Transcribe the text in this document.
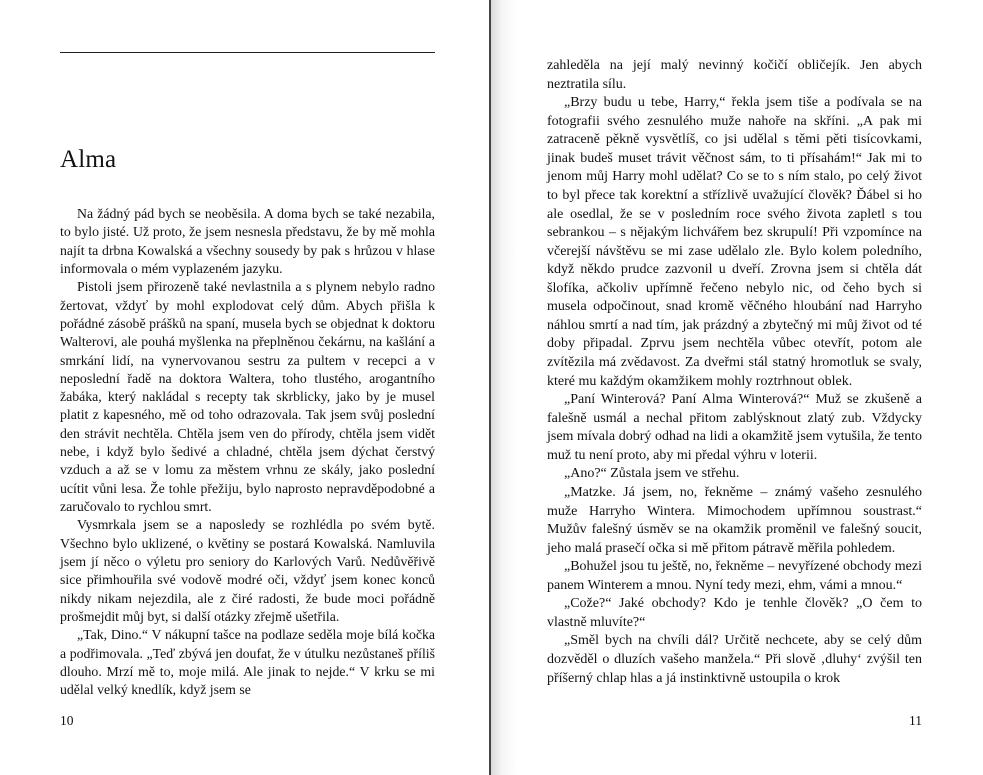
Alma

Na žádný pád bych se neoběsila. A doma bych se také nezabila, to bylo jisté. Už proto, že jsem nesnesla představu, že by mě mohla najít ta drbna Kowalská a všechny sousedy by pak s hrůzou v hlase informovala o mém vyplazeném jazyku.

Pistoli jsem přirozeně také nevlastnila a s plynem nebylo radno žertovat, vždyť by mohl explodovat celý dům. Abych přišla k pořádné zásobě prášků na spaní, musela bych se objednat k doktoru Walterovi, ale pouhá myšlenka na přeplněnou čekárnu, na kašlání a smrkání lidí, na vynervovanou sestru za pultem v recepci a v neposlední řadě na doktora Waltera, toho tlustého, arogantního žabáka, který nakládal s recepty tak skrblicky, jako by je musel platit z kapesného, mě od toho odrazovala. Tak jsem svůj poslední den strávit nechtěla. Chtěla jsem ven do přírody, chtěla jsem vidět nebe, i když bylo šedivé a chladné, chtěla jsem dýchat čerstvý vzduch a až se v lomu za městem vrhnu ze skály, jako poslední ucítit vůni lesa. Že tohle přežiju, bylo naprosto nepravděpodobné a zaručovalo to rychlou smrt.

Vysmrkala jsem se a naposledy se rozhlédla po svém bytě. Všechno bylo uklizené, o květiny se postará Kowalská. Namluvila jsem jí něco o výletu pro seniory do Karlových Varů. Nedůvěřivě sice přimhouřila své vodově modré oči, vždyť jsem konec konců nikdy nikam nejezdila, ale z čiré radosti, že bude moci pořádně prošmejdit můj byt, si další otázky zřejmě ušetřila.

„Tak, Dino.“ V nákupní tašce na podlaze seděla moje bílá kočka a podřimovala. „Teď zbývá jen doufat, že v útulku nezůstaneš příliš dlouho. Mrzí mě to, moje milá. Ale jinak to nejde.“ V krku se mi udělal velký knedlík, když jsem se

10

zahleděla na její malý nevinný kočičí obličejík. Jen abych neztratila sílu.

„Brzy budu u tebe, Harry,“ řekla jsem tiše a podívala se na fotografii svého zesnulého muže nahoře na skříni. „A pak mi zatraceně pěkně vysvětlíš, co jsi udělal s těmi pěti tisícovkami, jinak budeš muset trávit věčnost sám, to ti přísahám!“ Jak mi to jenom můj Harry mohl udělat? Co se to s ním stalo, po celý život to byl přece tak korektní a střízlivě uvažující člověk? Ďábel si ho ale osedlal, že se v posledním roce svého života zapletl s tou sebrankou – s nějakým lichvářem bez skrupulí! Při vzpomínce na včerejší návštěvu se mi zase udělalo zle. Bylo kolem poledního, když někdo prudce zazvonil u dveří. Zrovna jsem si chtěla dát šlofíka, ačkoliv upřímně řečeno nebylo nic, od čeho bych si musela odpočinout, snad kromě věčného hloubání nad Harryho náhlou smrtí a nad tím, jak prázdný a zbytečný mi můj život od té doby připadal. Zprvu jsem nechtěla vůbec otevřít, potom ale zvítězila má zvědavost. Za dveřmi stál statný hromotluk se svaly, které mu každým okamžikem mohly roztrhnout oblek.

„Paní Winterová? Paní Alma Winterová?“ Muž se zkušeně a falešně usmál a nechal přitom zablýsknout zlatý zub. Vždycky jsem mívala dobrý odhad na lidi a okamžitě jsem vytušila, že tento muž tu není proto, aby mi předal výhru v loterii.

„Ano?“ Zůstala jsem ve střehu.

„Matzke. Já jsem, no, řekněme – známý vašeho zesnulého muže Harryho Wintera. Mimochodem upřímnou soustrast.“ Mužův falešný úsměv se na okamžik proměnil ve falešný soucit, jeho malá prasečí očka si mě přitom pátravě měřila pohledem.

„Bohužel jsou tu ještě, no, řekněme – nevyřízené obchody mezi panem Winterem a mnou. Nyní tedy mezi, ehm, vámi a mnou.“

„Cože?“ Jaké obchody? Kdo je tenhle člověk? „O čem to vlastně mluvíte?“

„Směl bych na chvíli dál? Určitě nechcete, aby se celý dům dozvěděl o dluzích vašeho manžela.“ Při slově ‚dluhy‘ zvýšil ten příšerný chlap hlas a já instinktivně ustoupila o krok

11
